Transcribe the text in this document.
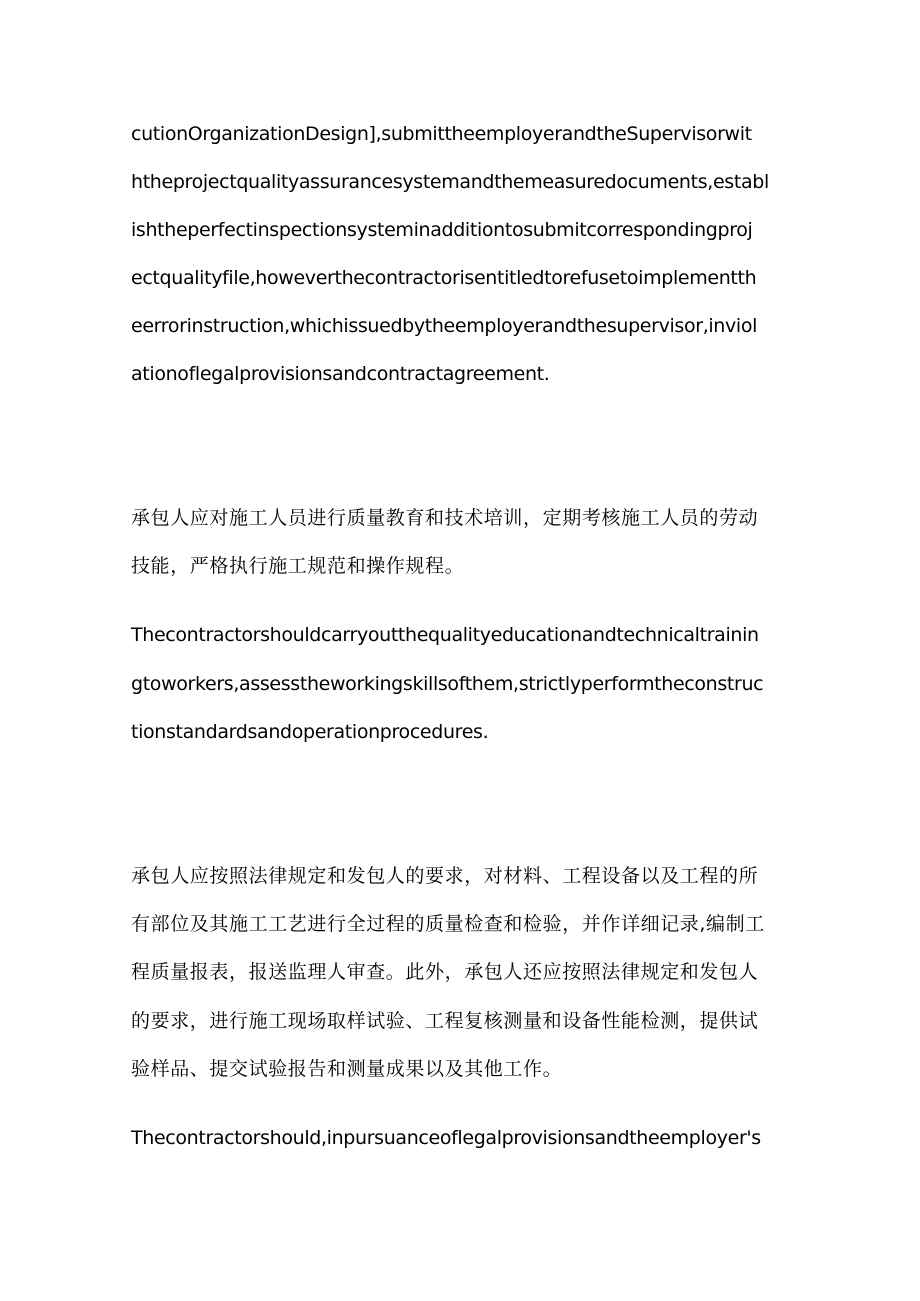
cutionOrganizationDesign],submittheemployerandtheSupervisorwit
htheprojectqualityassurancesystemandthemeasuredocuments,establ
ishtheperfectinspectionsysteminadditiontosubmitcorrespondingproj
ectqualityfile,howeverthecontractorisentitledtorefusetoimplementth
eerrorinstruction,whichissuedbytheemployerandthesupervisor,inviol
ationoflegalprovisionsandcontractagreement.
承包人应对施工人员进行质量教育和技术培训，定期考核施工人员的劳动
技能，严格执行施工规范和操作规程。
Thecontractorshouldcarryoutthequalityeducationandtechnicaltrainin
gtoworkers,assesstheworkingskillsofthem,strictlyperformtheconstruc
tionstandardsandoperationprocedures.
承包人应按照法律规定和发包人的要求，对材料、工程设备以及工程的所
有部位及其施工工艺进行全过程的质量检查和检验，并作详细记录,编制工
程质量报表，报送监理人审查。此外，承包人还应按照法律规定和发包人
的要求，进行施工现场取样试验、工程复核测量和设备性能检测，提供试
验样品、提交试验报告和测量成果以及其他工作。
Thecontractorshould,inpursuanceoflegalprovisionsandtheemployer's
